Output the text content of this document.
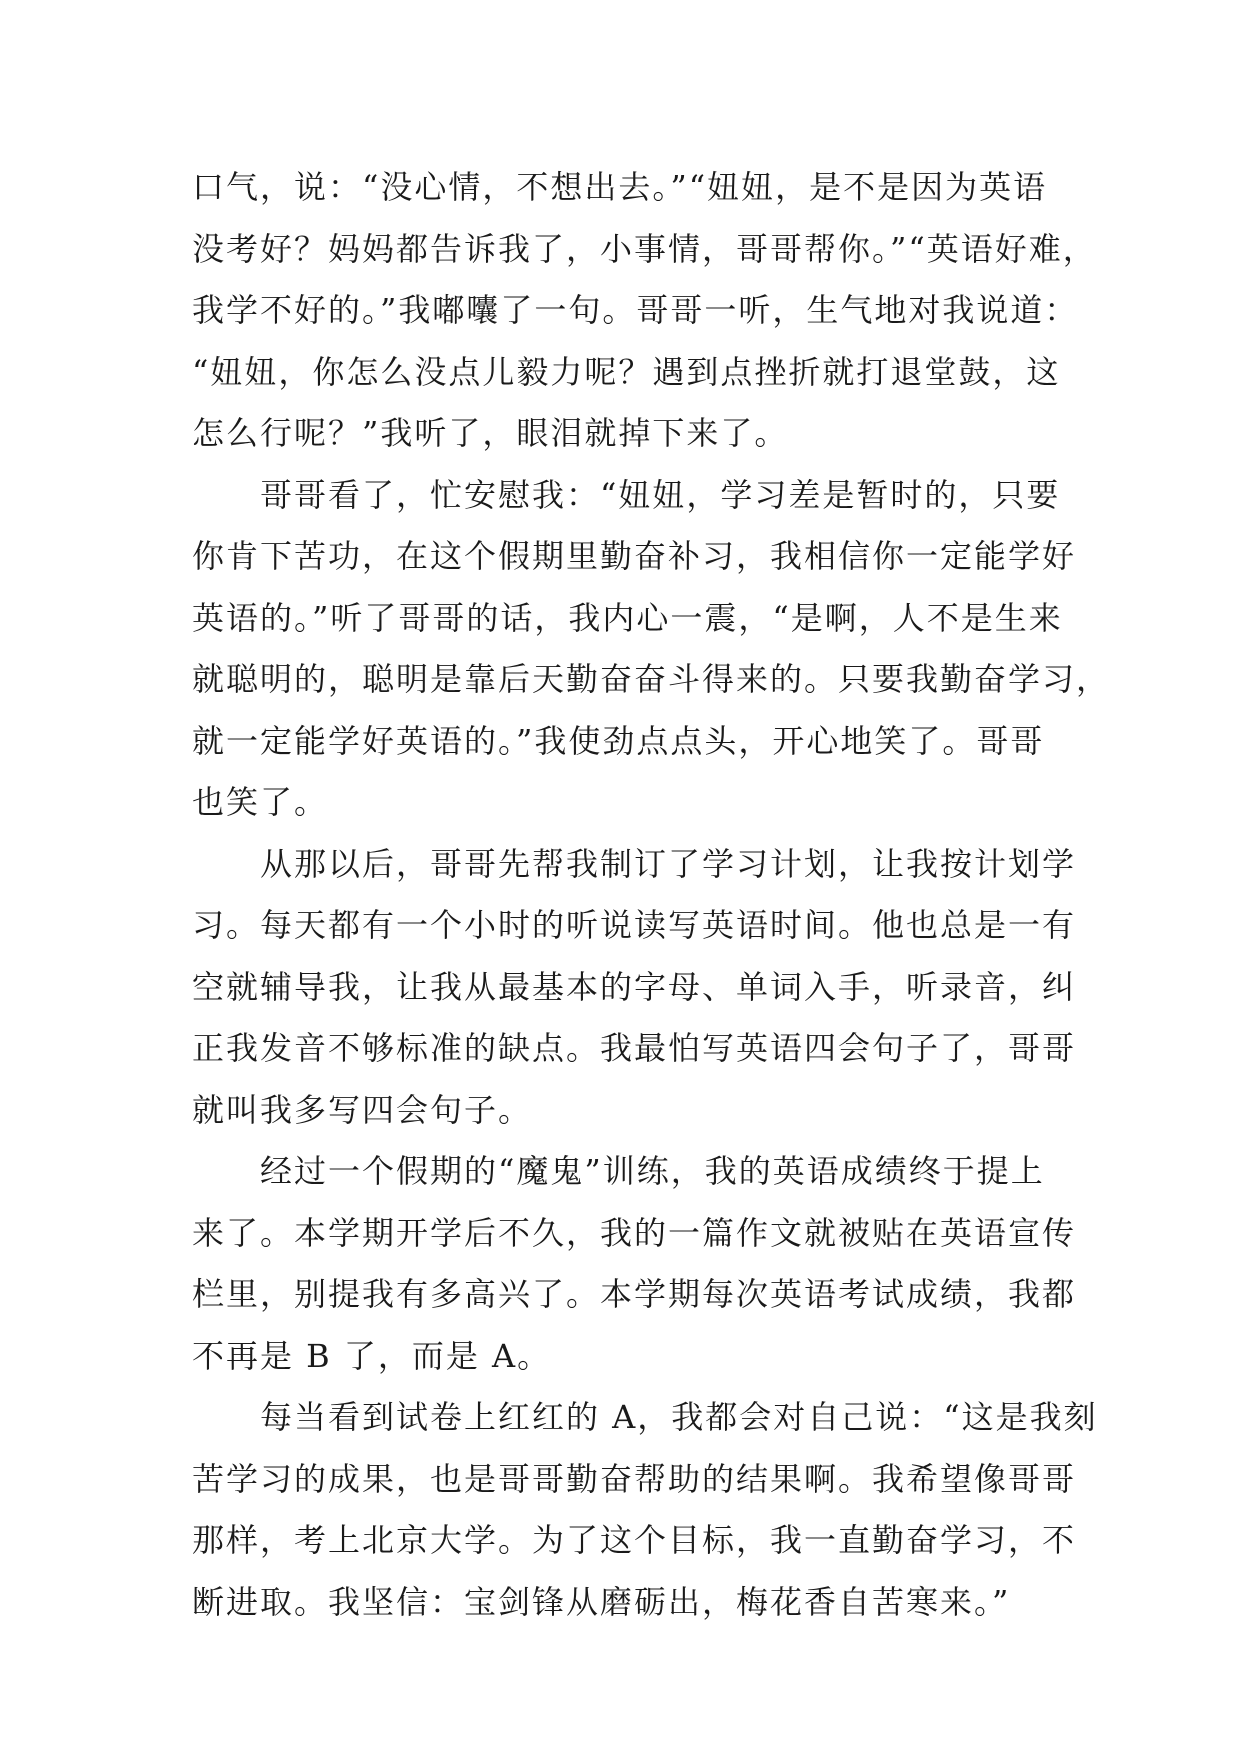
口气，说：“没心情，不想出去。”“妞妞，是不是因为英语
没考好？妈妈都告诉我了，小事情，哥哥帮你。”“英语好难，
我学不好的。”我嘟囔了一句。哥哥一听，生气地对我说道：
“妞妞，你怎么没点儿毅力呢？遇到点挫折就打退堂鼓，这
怎么行呢？”我听了，眼泪就掉下来了。
　　哥哥看了，忙安慰我：“妞妞，学习差是暂时的，只要
你肯下苦功，在这个假期里勤奋补习，我相信你一定能学好
英语的。”听了哥哥的话，我内心一震，“是啊，人不是生来
就聪明的，聪明是靠后天勤奋奋斗得来的。只要我勤奋学习，
就一定能学好英语的。”我使劲点点头，开心地笑了。哥哥
也笑了。
　　从那以后，哥哥先帮我制订了学习计划，让我按计划学
习。每天都有一个小时的听说读写英语时间。他也总是一有
空就辅导我，让我从最基本的字母、单词入手，听录音，纠
正我发音不够标准的缺点。我最怕写英语四会句子了，哥哥
就叫我多写四会句子。
　　经过一个假期的“魔鬼”训练，我的英语成绩终于提上
来了。本学期开学后不久，我的一篇作文就被贴在英语宣传
栏里，别提我有多高兴了。本学期每次英语考试成绩，我都
不再是 B 了，而是 A。
　　每当看到试卷上红红的 A，我都会对自己说：“这是我刻
苦学习的成果，也是哥哥勤奋帮助的结果啊。我希望像哥哥
那样，考上北京大学。为了这个目标，我一直勤奋学习，不
断进取。我坚信：宝剑锋从磨砺出，梅花香自苦寒来。”
